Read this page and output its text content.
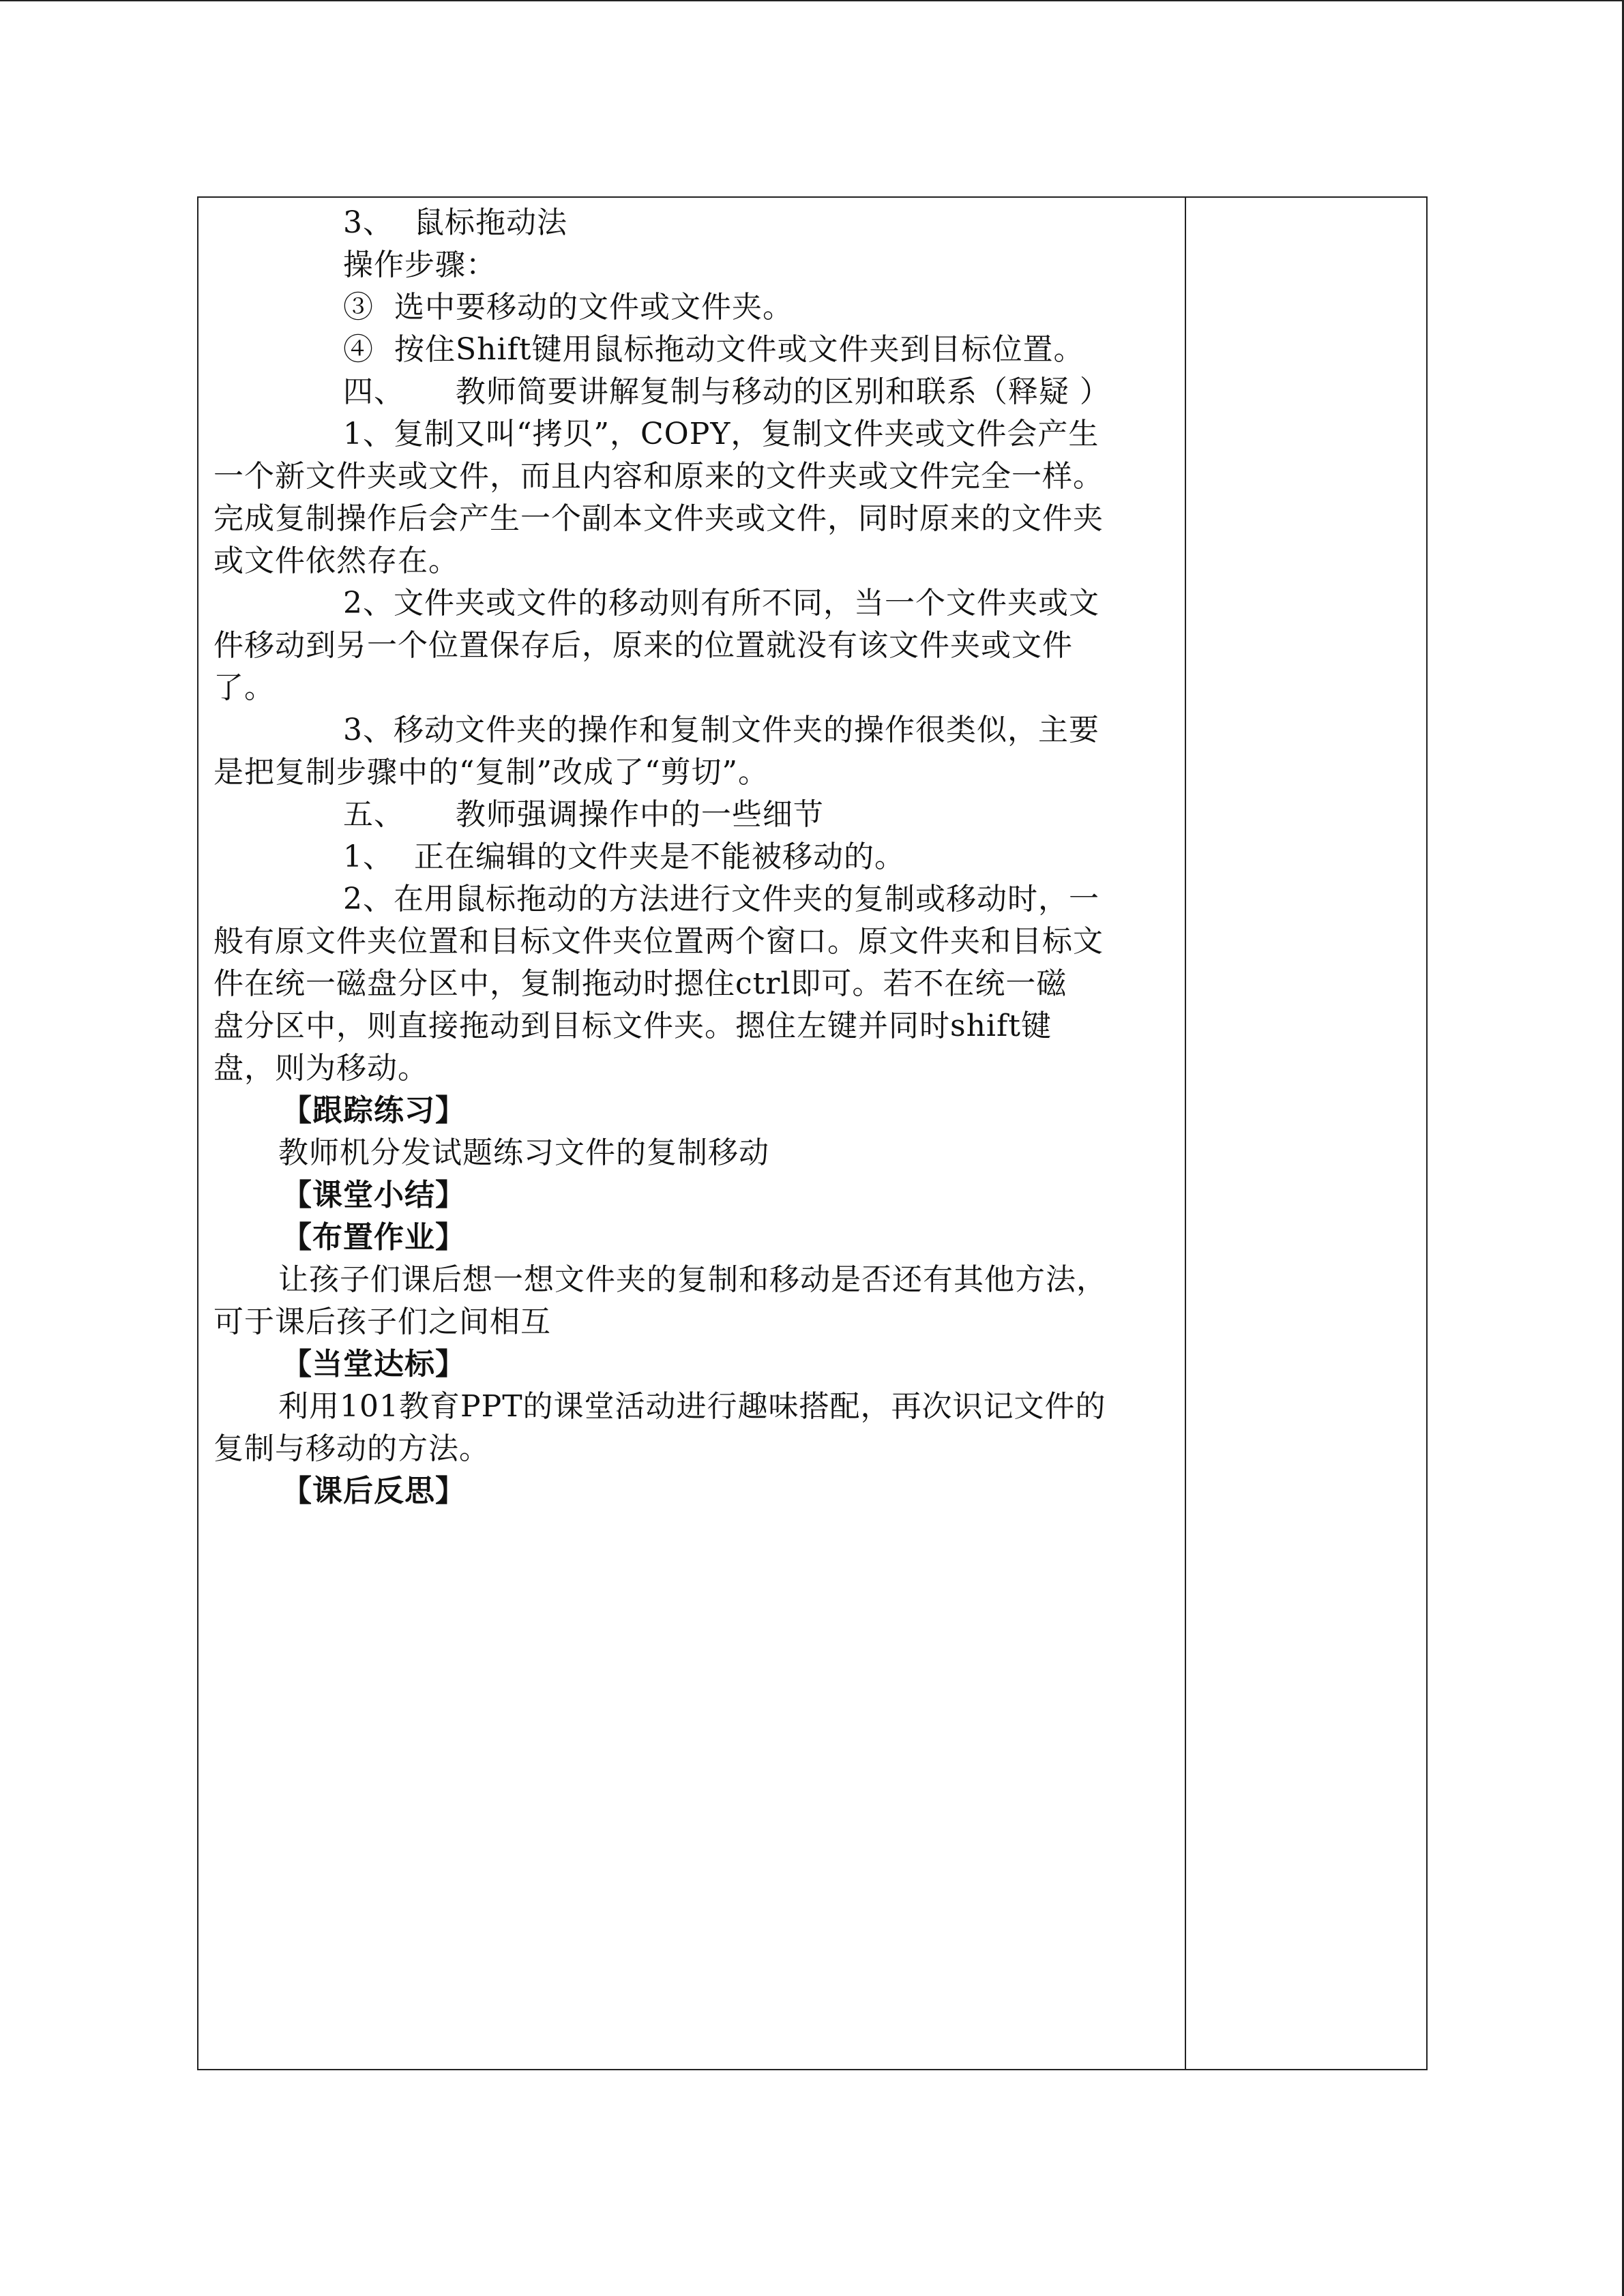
3、  鼠标拖动法
操作步骤：
③  选中要移动的文件或文件夹。
④  按住Shift键用鼠标拖动文件或文件夹到目标位置。
四、     教师简要讲解复制与移动的区别和联系（释疑 ）
1、复制又叫“拷贝”，COPY，复制文件夹或文件会产生
一个新文件夹或文件，而且内容和原来的文件夹或文件完全一样。
完成复制操作后会产生一个副本文件夹或文件，同时原来的文件夹
或文件依然存在。
2、文件夹或文件的移动则有所不同，当一个文件夹或文
件移动到另一个位置保存后，原来的位置就没有该文件夹或文件
了。
3、移动文件夹的操作和复制文件夹的操作很类似，主要
是把复制步骤中的“复制”改成了“剪切”。
五、     教师强调操作中的一些细节
1、  正在编辑的文件夹是不能被移动的。
2、在用鼠标拖动的方法进行文件夹的复制或移动时，一
般有原文件夹位置和目标文件夹位置两个窗口。原文件夹和目标文
件在统一磁盘分区中，复制拖动时摁住ctrl即可。若不在统一磁
盘分区中，则直接拖动到目标文件夹。摁住左键并同时shift键
盘，则为移动。
【跟踪练习】
教师机分发试题练习文件的复制移动
【课堂小结】
【布置作业】
让孩子们课后想一想文件夹的复制和移动是否还有其他方法，
可于课后孩子们之间相互
【当堂达标】
利用101教育PPT的课堂活动进行趣味搭配，再次识记文件的
复制与移动的方法。
【课后反思】
